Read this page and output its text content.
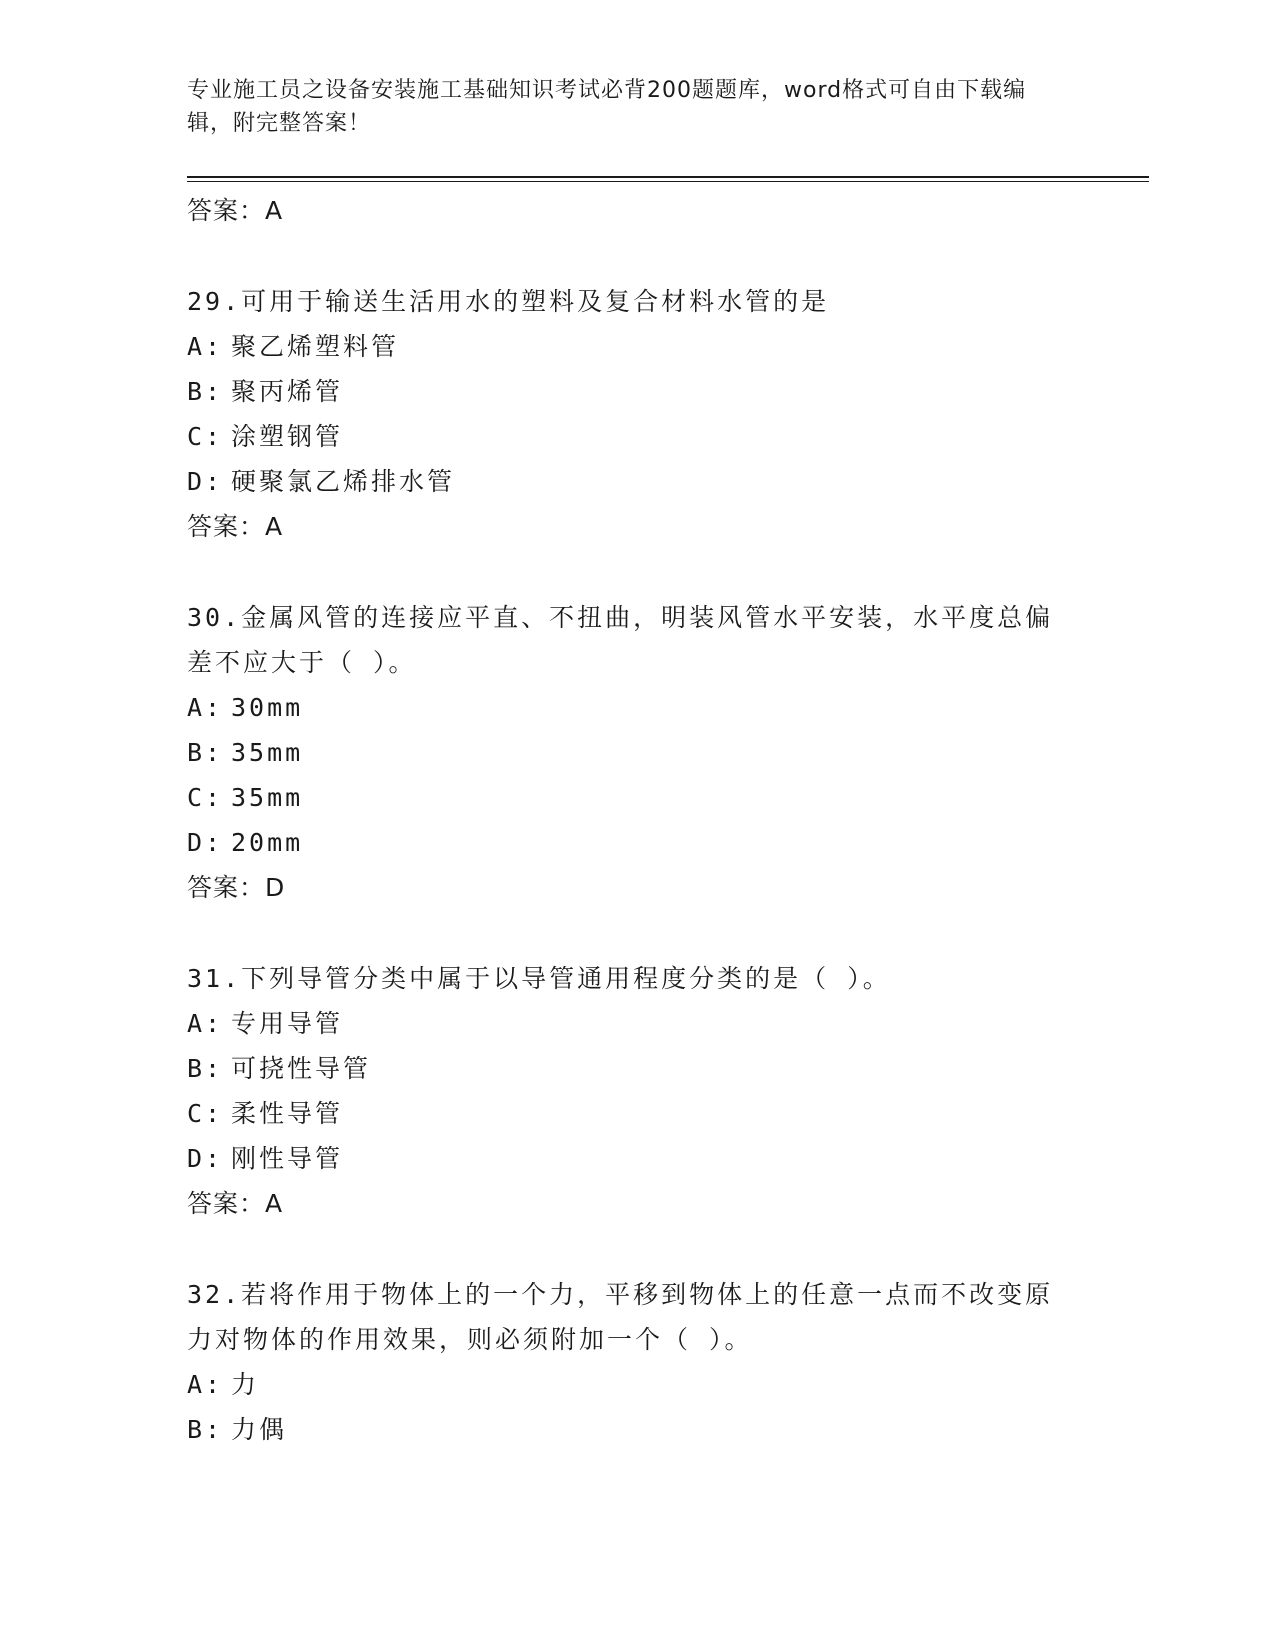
专业施工员之设备安装施工基础知识考试必背200题题库，word格式可自由下载编辑，附完整答案！
答案：A
29.可用于输送生活用水的塑料及复合材料水管的是
A: 聚乙烯塑料管
B: 聚丙烯管
C: 涂塑钢管
D: 硬聚氯乙烯排水管
答案：A
30.金属风管的连接应平直、不扭曲，明装风管水平安装，水平度总偏差不应大于（ ）。
A: 30mm
B: 35mm
C: 35mm
D: 20mm
答案：D
31.下列导管分类中属于以导管通用程度分类的是（ ）。
A: 专用导管
B: 可挠性导管
C: 柔性导管
D: 刚性导管
答案：A
32.若将作用于物体上的一个力，平移到物体上的任意一点而不改变原力对物体的作用效果，则必须附加一个（ ）。
A: 力
B: 力偶
